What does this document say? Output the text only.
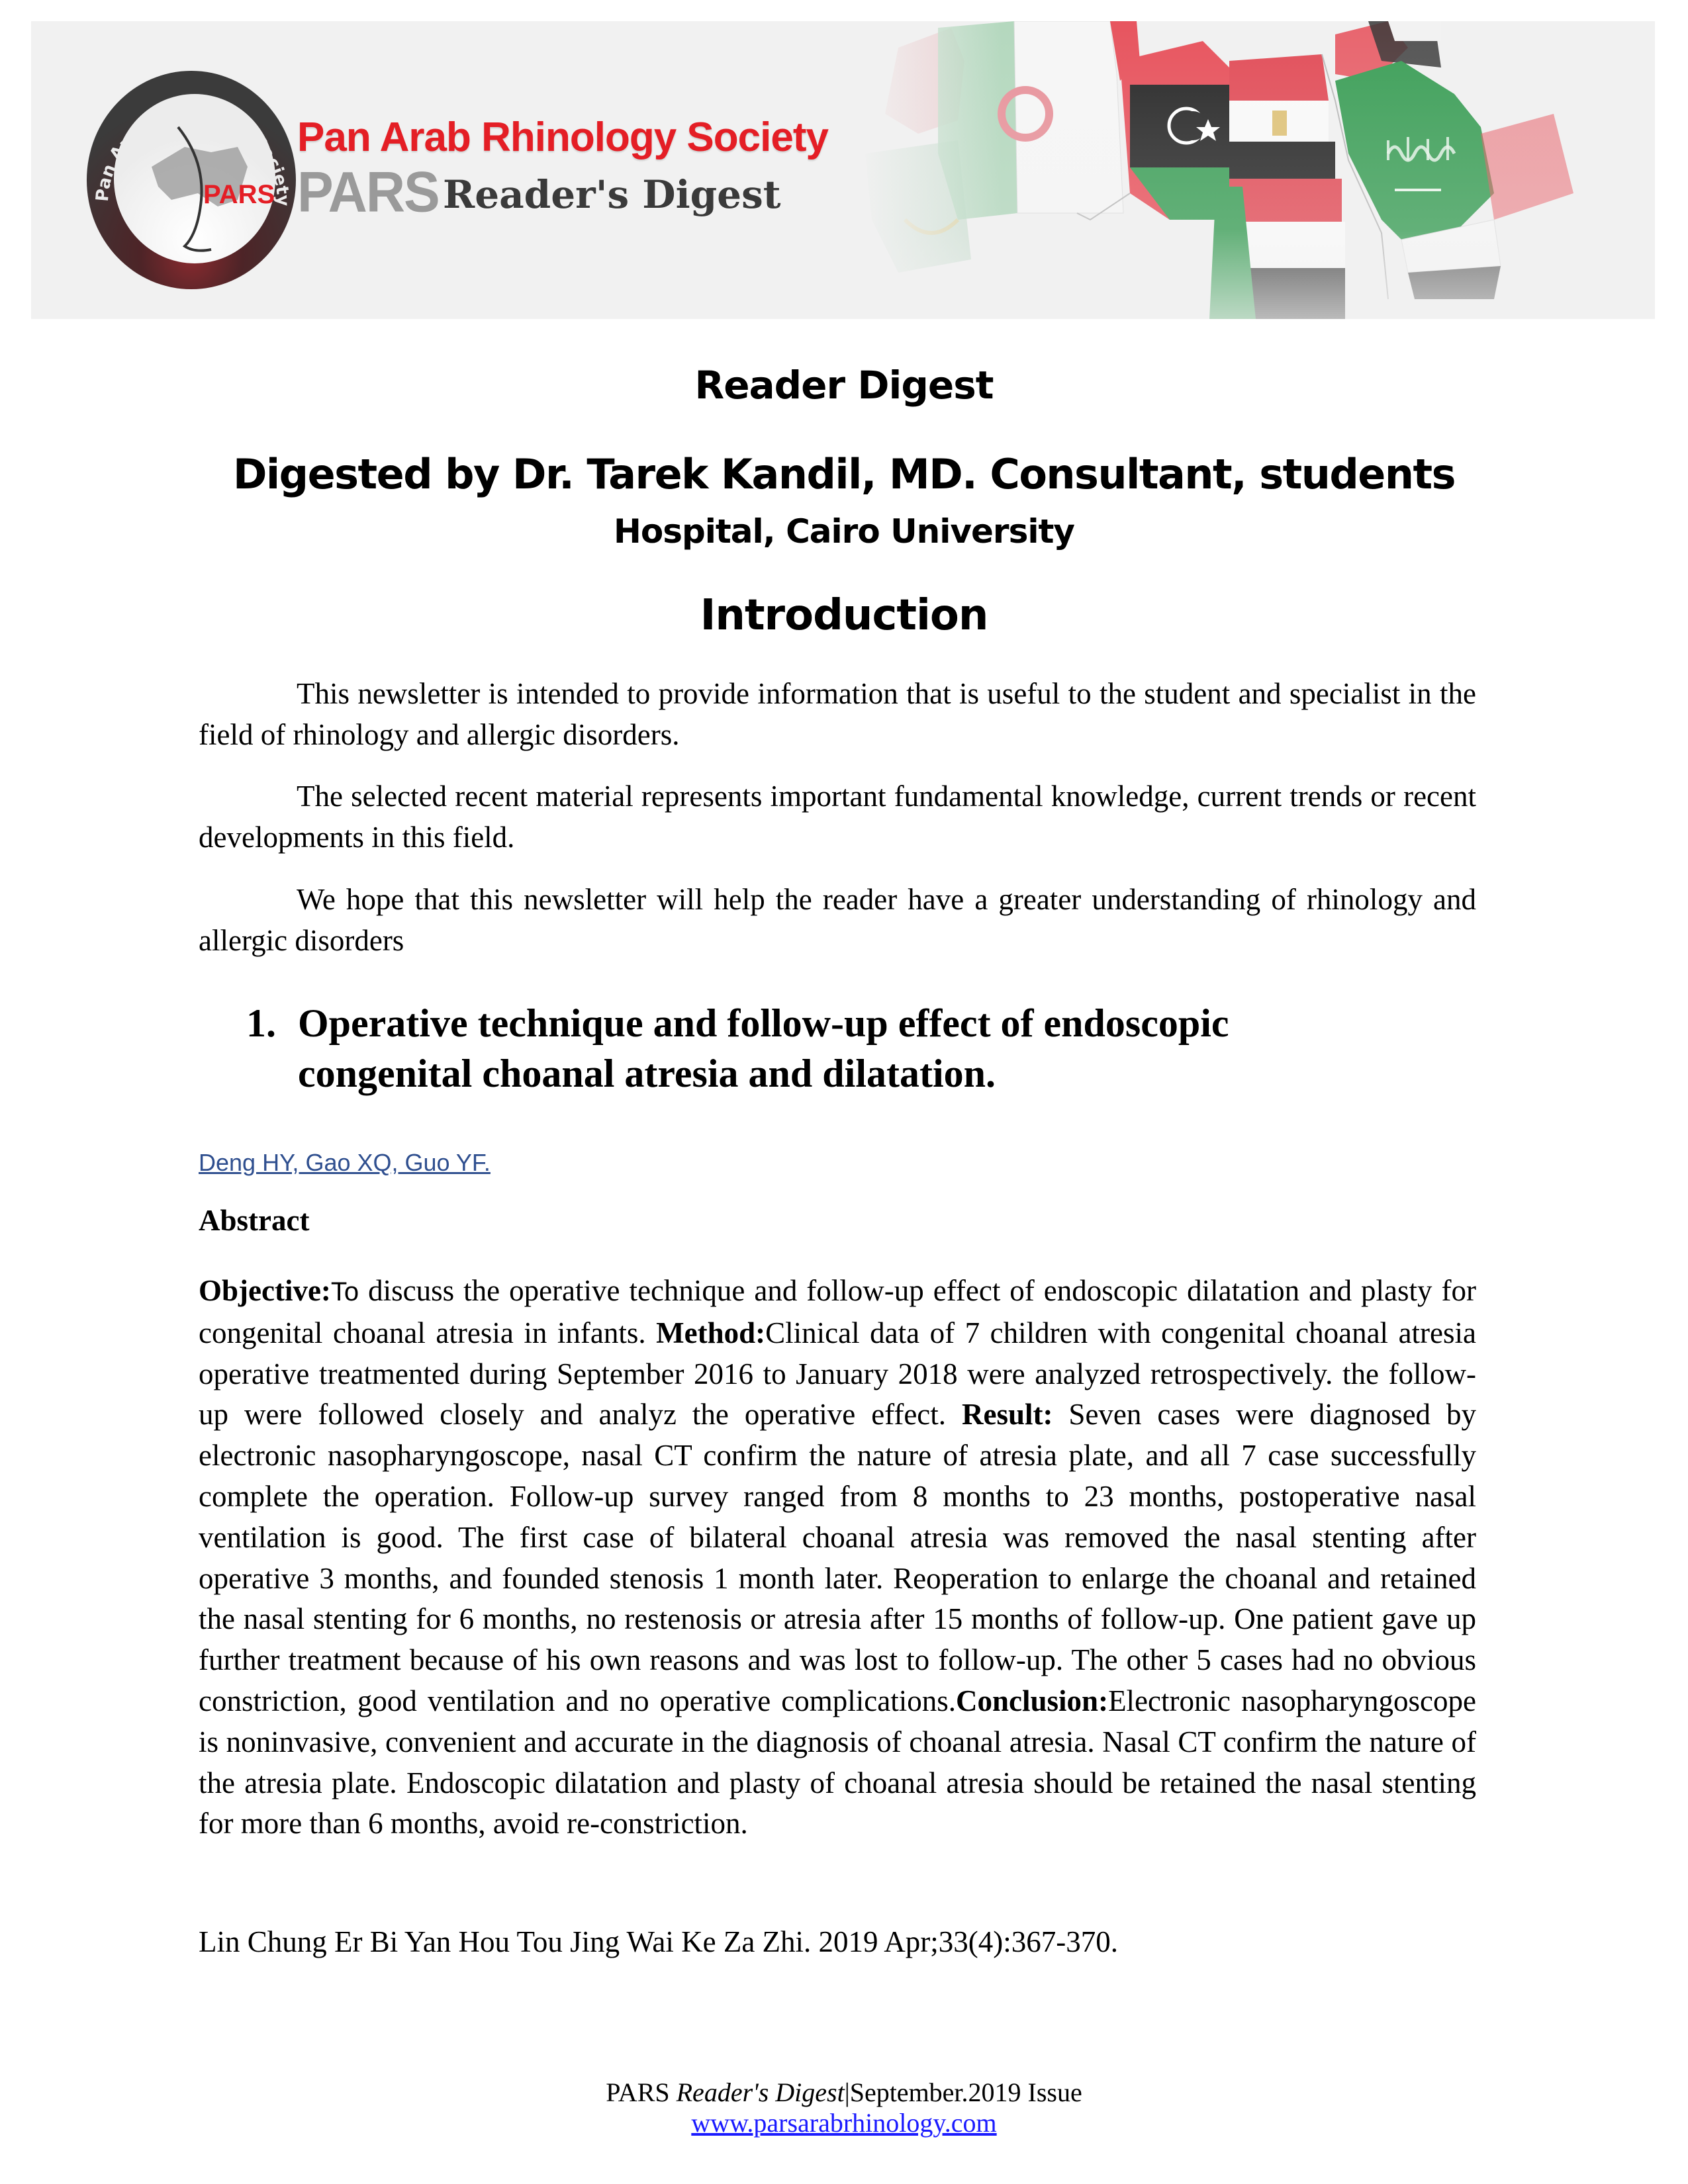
Pan Arab Rhinology Society
PARS
Pan Arab Rhinology Society
PARS Reader's Digest
Reader Digest
Digested by Dr. Tarek Kandil, MD. Consultant, students
Hospital, Cairo University
Introduction

This newsletter is intended to provide information that is useful to the student and specialist in the field of rhinology and allergic disorders.

The selected recent material represents important fundamental knowledge, current trends or recent developments in this field.

We hope that this newsletter will help the reader have a greater understanding of rhinology and allergic disorders

1. Operative technique and follow-up effect of endoscopic congenital choanal atresia and dilatation.
Deng HY, Gao XQ, Guo YF.
Abstract

Objective:To discuss the operative technique and follow-up effect of endoscopic dilatation and plasty for congenital choanal atresia in infants. Method:Clinical data of 7 children with congenital choanal atresia operative treatmented during September 2016 to January 2018 were analyzed retrospectively. the follow-up were followed closely and analyz the operative effect. Result: Seven cases were diagnosed by electronic nasopharyngoscope, nasal CT confirm the nature of atresia plate, and all 7 case successfully complete the operation. Follow-up survey ranged from 8 months to 23 months, postoperative nasal ventilation is good. The first case of bilateral choanal atresia was removed the nasal stenting after operative 3 months, and founded stenosis 1 month later. Reoperation to enlarge the choanal and retained the nasal stenting for 6 months, no restenosis or atresia after 15 months of follow-up. One patient gave up further treatment because of his own reasons and was lost to follow-up. The other 5 cases had no obvious constriction, good ventilation and no operative complications.Conclusion:Electronic nasopharyngoscope is noninvasive, convenient and accurate in the diagnosis of choanal atresia. Nasal CT confirm the nature of the atresia plate. Endoscopic dilatation and plasty of choanal atresia should be retained the nasal stenting for more than 6 months, avoid re-constriction.

Lin Chung Er Bi Yan Hou Tou Jing Wai Ke Za Zhi. 2019 Apr;33(4):367-370.
PARS Reader's Digest|September.2019 Issue
www.parsarabrhinology.com
